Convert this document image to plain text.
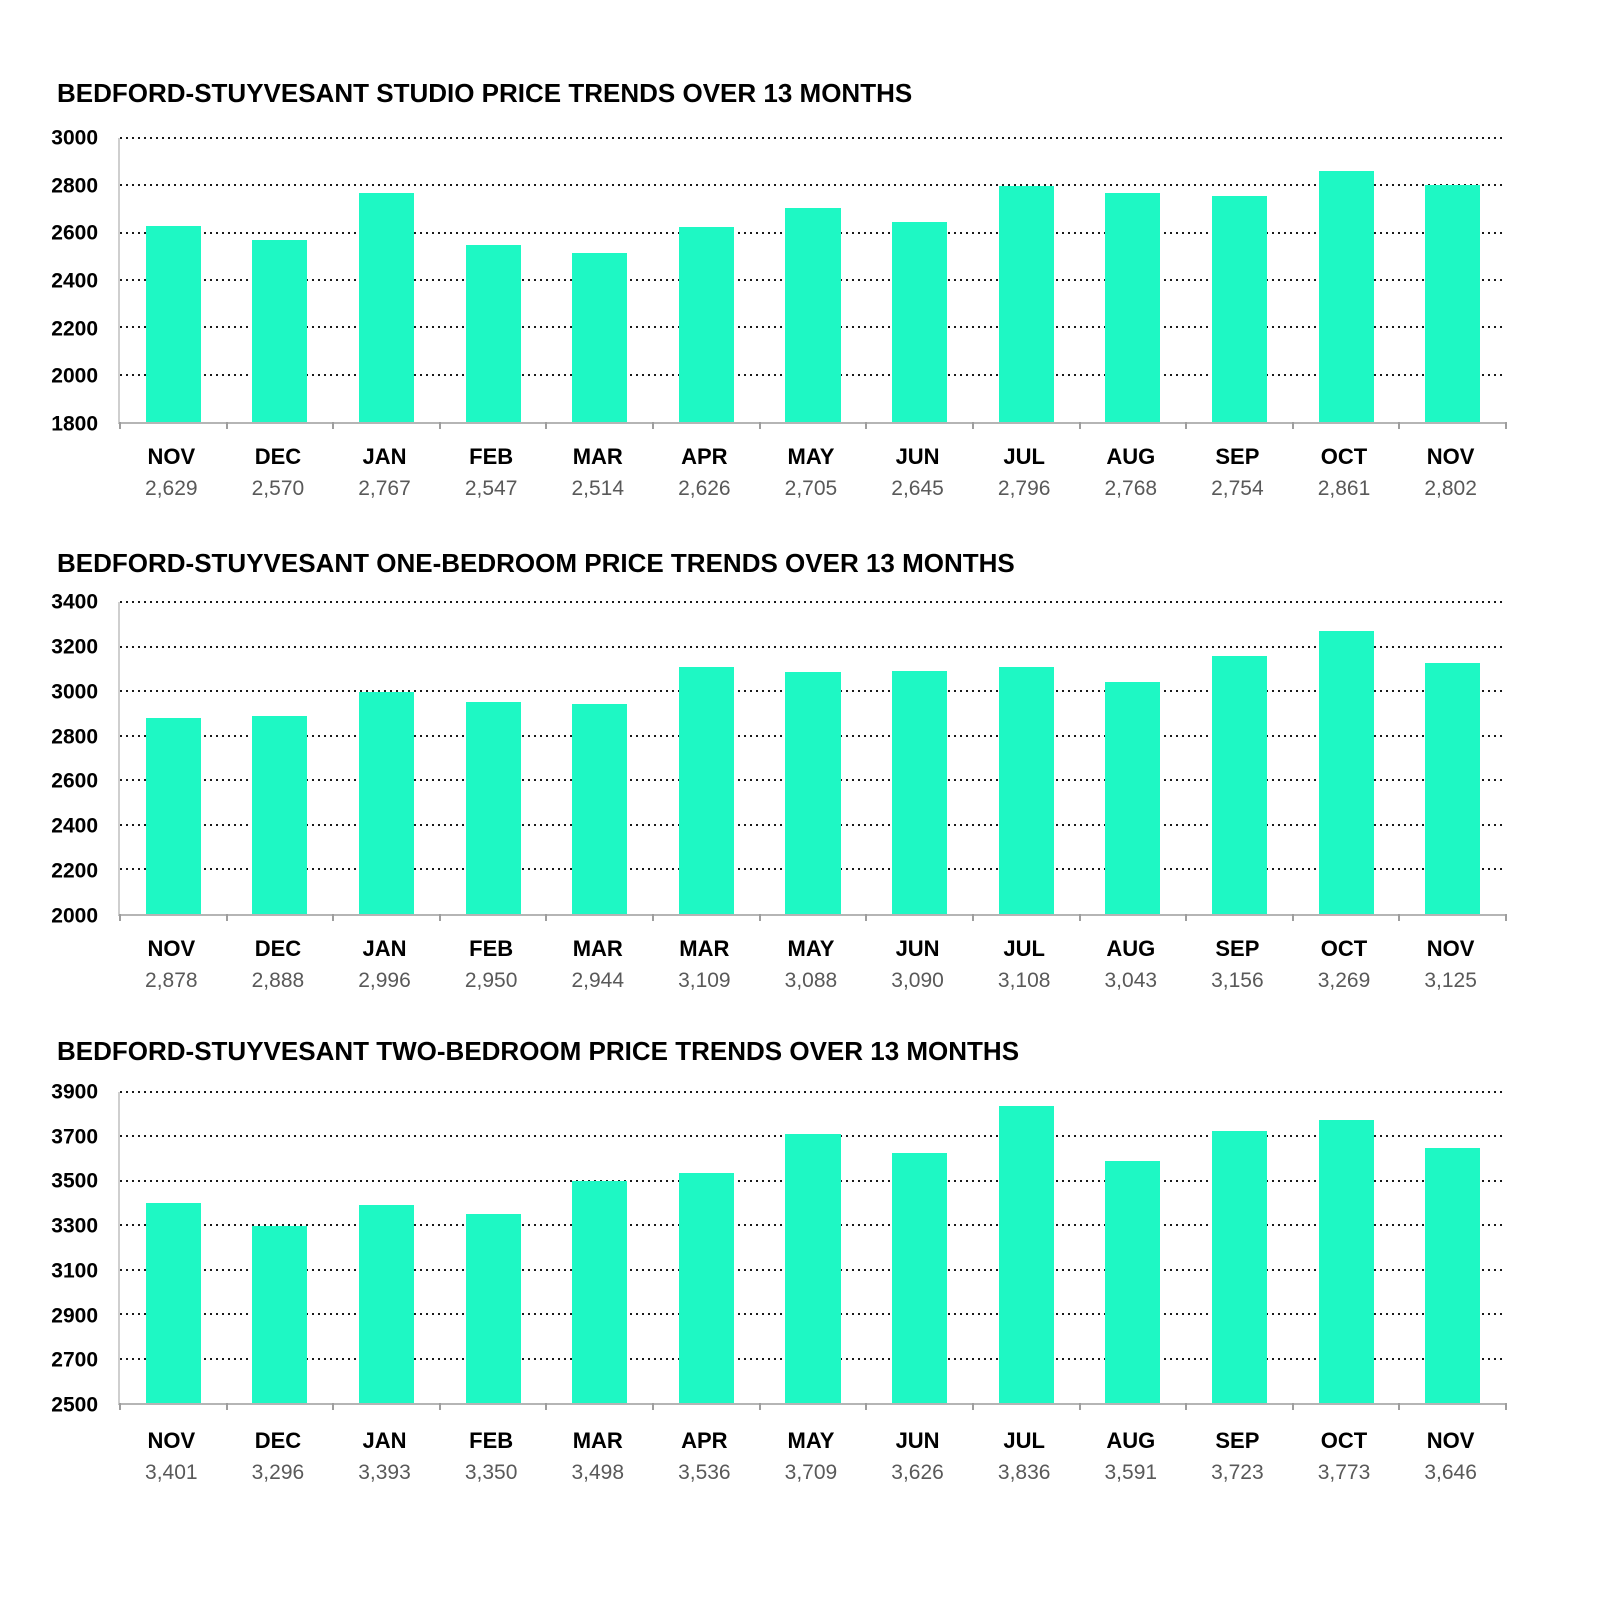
BEDFORD-STUYVESANT STUDIO PRICE TRENDS OVER 13 MONTHS
1800
2000
2200
2400
2600
2800
3000
NOV
2,629
DEC
2,570
JAN
2,767
FEB
2,547
MAR
2,514
APR
2,626
MAY
2,705
JUN
2,645
JUL
2,796
AUG
2,768
SEP
2,754
OCT
2,861
NOV
2,802
BEDFORD-STUYVESANT ONE-BEDROOM PRICE TRENDS OVER 13 MONTHS
2000
2200
2400
2600
2800
3000
3200
3400
NOV
2,878
DEC
2,888
JAN
2,996
FEB
2,950
MAR
2,944
MAR
3,109
MAY
3,088
JUN
3,090
JUL
3,108
AUG
3,043
SEP
3,156
OCT
3,269
NOV
3,125
BEDFORD-STUYVESANT TWO-BEDROOM PRICE TRENDS OVER 13 MONTHS
2500
2700
2900
3100
3300
3500
3700
3900
NOV
3,401
DEC
3,296
JAN
3,393
FEB
3,350
MAR
3,498
APR
3,536
MAY
3,709
JUN
3,626
JUL
3,836
AUG
3,591
SEP
3,723
OCT
3,773
NOV
3,646
